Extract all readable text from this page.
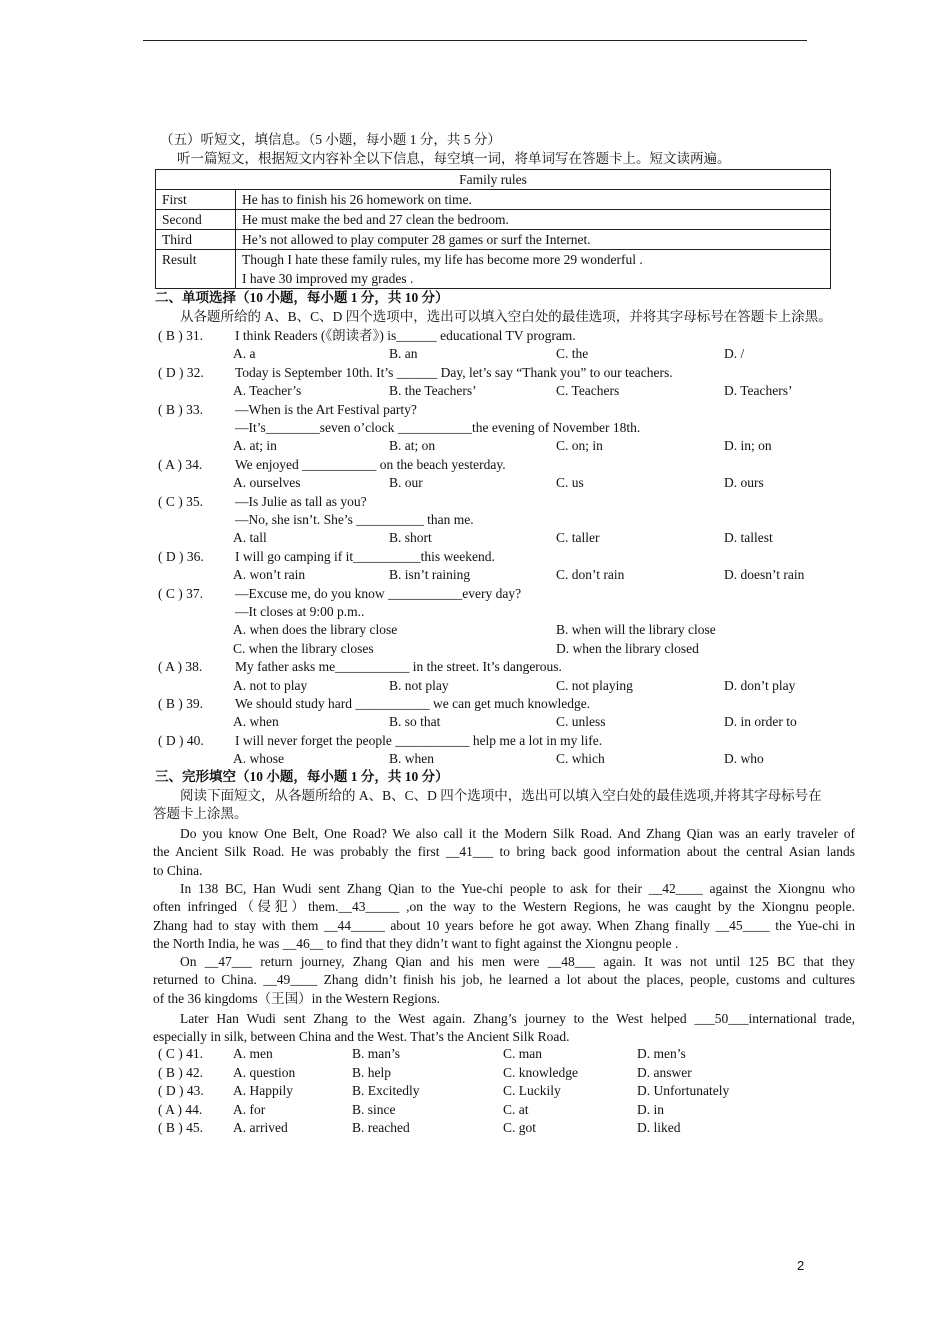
（五）听短文，填信息。（5 小题，每小题 1 分，共 5 分）
听一篇短文，根据短文内容补全以下信息，每空填一词，将单词写在答题卡上。短文读两遍。
Family rules	
First	He has to finish his 26 homework on time.
Second	He must make the bed and 27 clean the bedroom.
Third	He’s not allowed to play computer 28 games or surf the Internet.
Result	Though I hate these family rules, my life has become more 29 wonderful .
I have 30 improved my grades .
二、单项选择（10 小题，每小题 1 分，共 10 分）
从各题所给的 A、B、C、D 四个选项中，选出可以填入空白处的最佳选项，并将其字母标号在答题卡上涂黑。
( B ) 31. I think Readers (《朗读者》) is______ educational TV program.
A. a	B. an	C. the	D. /
( D ) 32. Today is September 10th. It’s ______ Day, let’s say “Thank you” to our teachers.
A. Teacher’s	B. the Teachers’	C. Teachers	D. Teachers’
( B ) 33. —When is the Art Festival party?
—It’s________seven o’clock ___________the evening of November 18th.
A. at; in	B. at; on	C. on; in	D. in; on
( A ) 34. We enjoyed ___________ on the beach yesterday.
A. ourselves	B. our	C. us	D. ours
( C ) 35. —Is Julie as tall as you?
—No, she isn’t. She’s __________ than me.
A. tall	B. short	C. taller	D. tallest
( D ) 36. I will go camping if it__________this weekend.
A. won’t rain	B. isn’t raining	C. don’t rain	D. doesn’t rain
( C ) 37. —Excuse me, do you know ___________every day?
—It closes at 9:00 p.m..
A. when does the library close	B. when will the library close
C. when the library closes	D. when the library closed
( A ) 38. My father asks me___________ in the street. It’s dangerous.
A. not to play	B. not play	C. not playing	D. don’t play
( B ) 39. We should study hard ___________ we can get much knowledge.
A. when	B. so that	C. unless	D. in order to
( D ) 40. I will never forget the people ___________ help me a lot in my life.
A. whose	B. when	C. which	D. who
三、完形填空（10 小题，每小题 1 分，共 10 分）
阅读下面短文，从各题所给的 A、B、C、D 四个选项中，选出可以填入空白处的最佳选项,并将其字母标号在
答题卡上涂黑。
Do you know One Belt, One Road? We also call it the Modern Silk Road. And Zhang Qian was an early traveler of
the Ancient Silk Road. He was probably the first __41___ to bring back good information about the central Asian lands
to China.
In 138 BC, Han Wudi sent Zhang Qian to the Yue-chi people to ask for their __42____ against the Xiongnu who
often infringed（侵犯）them.__43_____ ,on the way to the Western Regions, he was caught by the Xiongnu people.
Zhang had to stay with them __44_____ about 10 years before he got away. When Zhang finally __45____ the Yue-chi in
the North India, he was __46__ to find that they didn’t want to fight against the Xiongnu people .
On __47___ return journey, Zhang Qian and his men were __48___ again. It was not until 125 BC that they
returned to China. __49____ Zhang didn’t finish his job, he learned a lot about the places, people, customs and cultures
of the 36 kingdoms（王国）in the Western Regions.
Later Han Wudi sent Zhang to the West again. Zhang’s journey to the West helped ___50___international trade,
especially in silk, between China and the West. That’s the Ancient Silk Road.
( C ) 41. A. men	B. man’s	C. man	D. men’s
( B ) 42. A. question	B. help	C. knowledge	D. answer
( D ) 43. A. Happily	B. Excitedly	C. Luckily	D. Unfortunately
( A ) 44. A. for	B. since	C. at	D. in
( B ) 45. A. arrived	B. reached	C. got	D. liked
2
